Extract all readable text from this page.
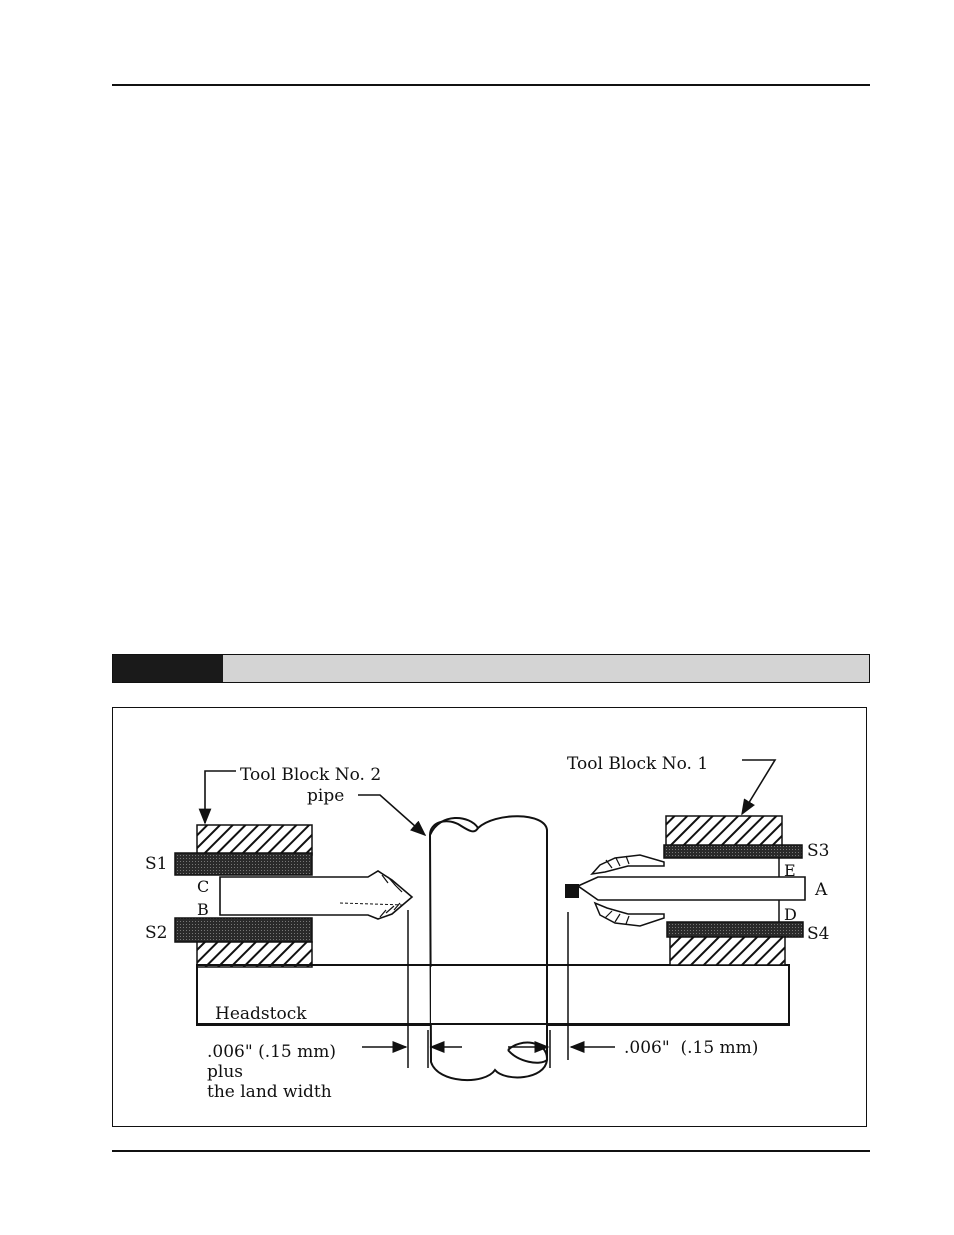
Tool Block No. 2
pipe
Tool Block No. 1
S1
S2
C
B
S3
E
A
D
S4
Headstock
.006" (.15 mm)
plus
the land width
.006"  (.15 mm)
